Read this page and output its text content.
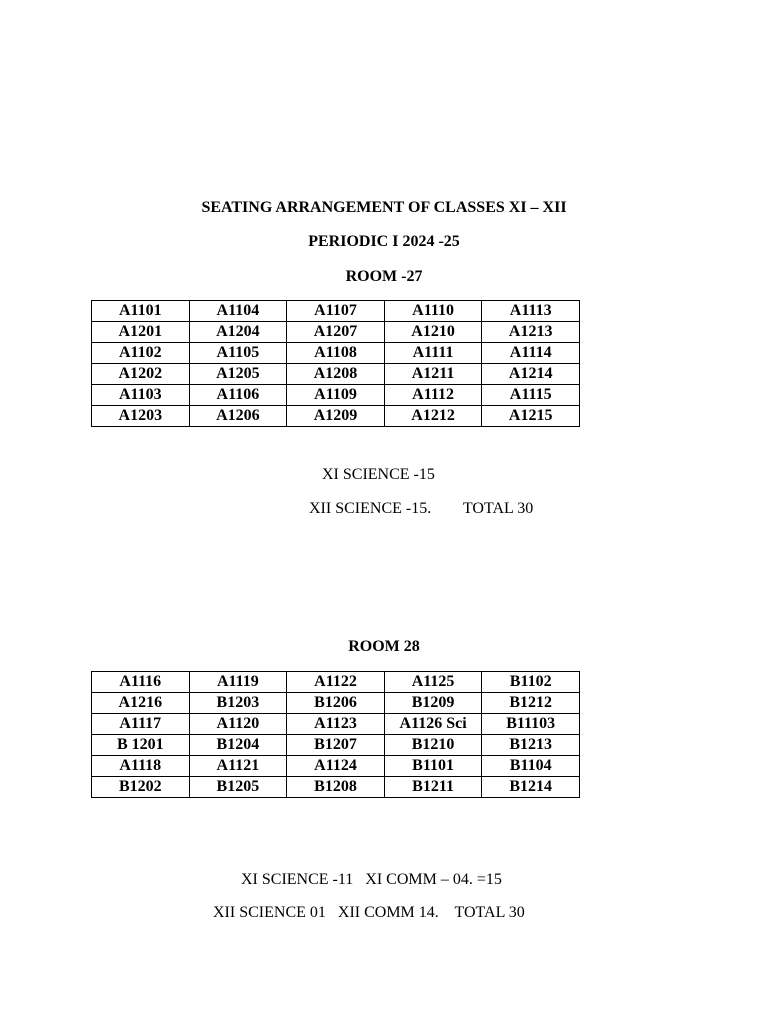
SEATING ARRANGEMENT OF CLASSES XI – XII
PERIODIC I 2024 -25
ROOM -27
A1101	A1104	A1107	A1110	A1113
A1201	A1204	A1207	A1210	A1213
A1102	A1105	A1108	A1111	A1114
A1202	A1205	A1208	A1211	A1214
A1103	A1106	A1109	A1112	A1115
A1203	A1206	A1209	A1212	A1215
XI SCIENCE -15
XII SCIENCE -15.        TOTAL 30
ROOM 28
A1116	A1119	A1122	A1125	B1102
A1216	B1203	B1206	B1209	B1212
A1117	A1120	A1123	A1126 Sci	B11103
B 1201	B1204	B1207	B1210	B1213
A1118	A1121	A1124	B1101	B1104
B1202	B1205	B1208	B1211	B1214
XI SCIENCE -11   XI COMM – 04. =15
XII SCIENCE 01   XII COMM 14.    TOTAL 30
